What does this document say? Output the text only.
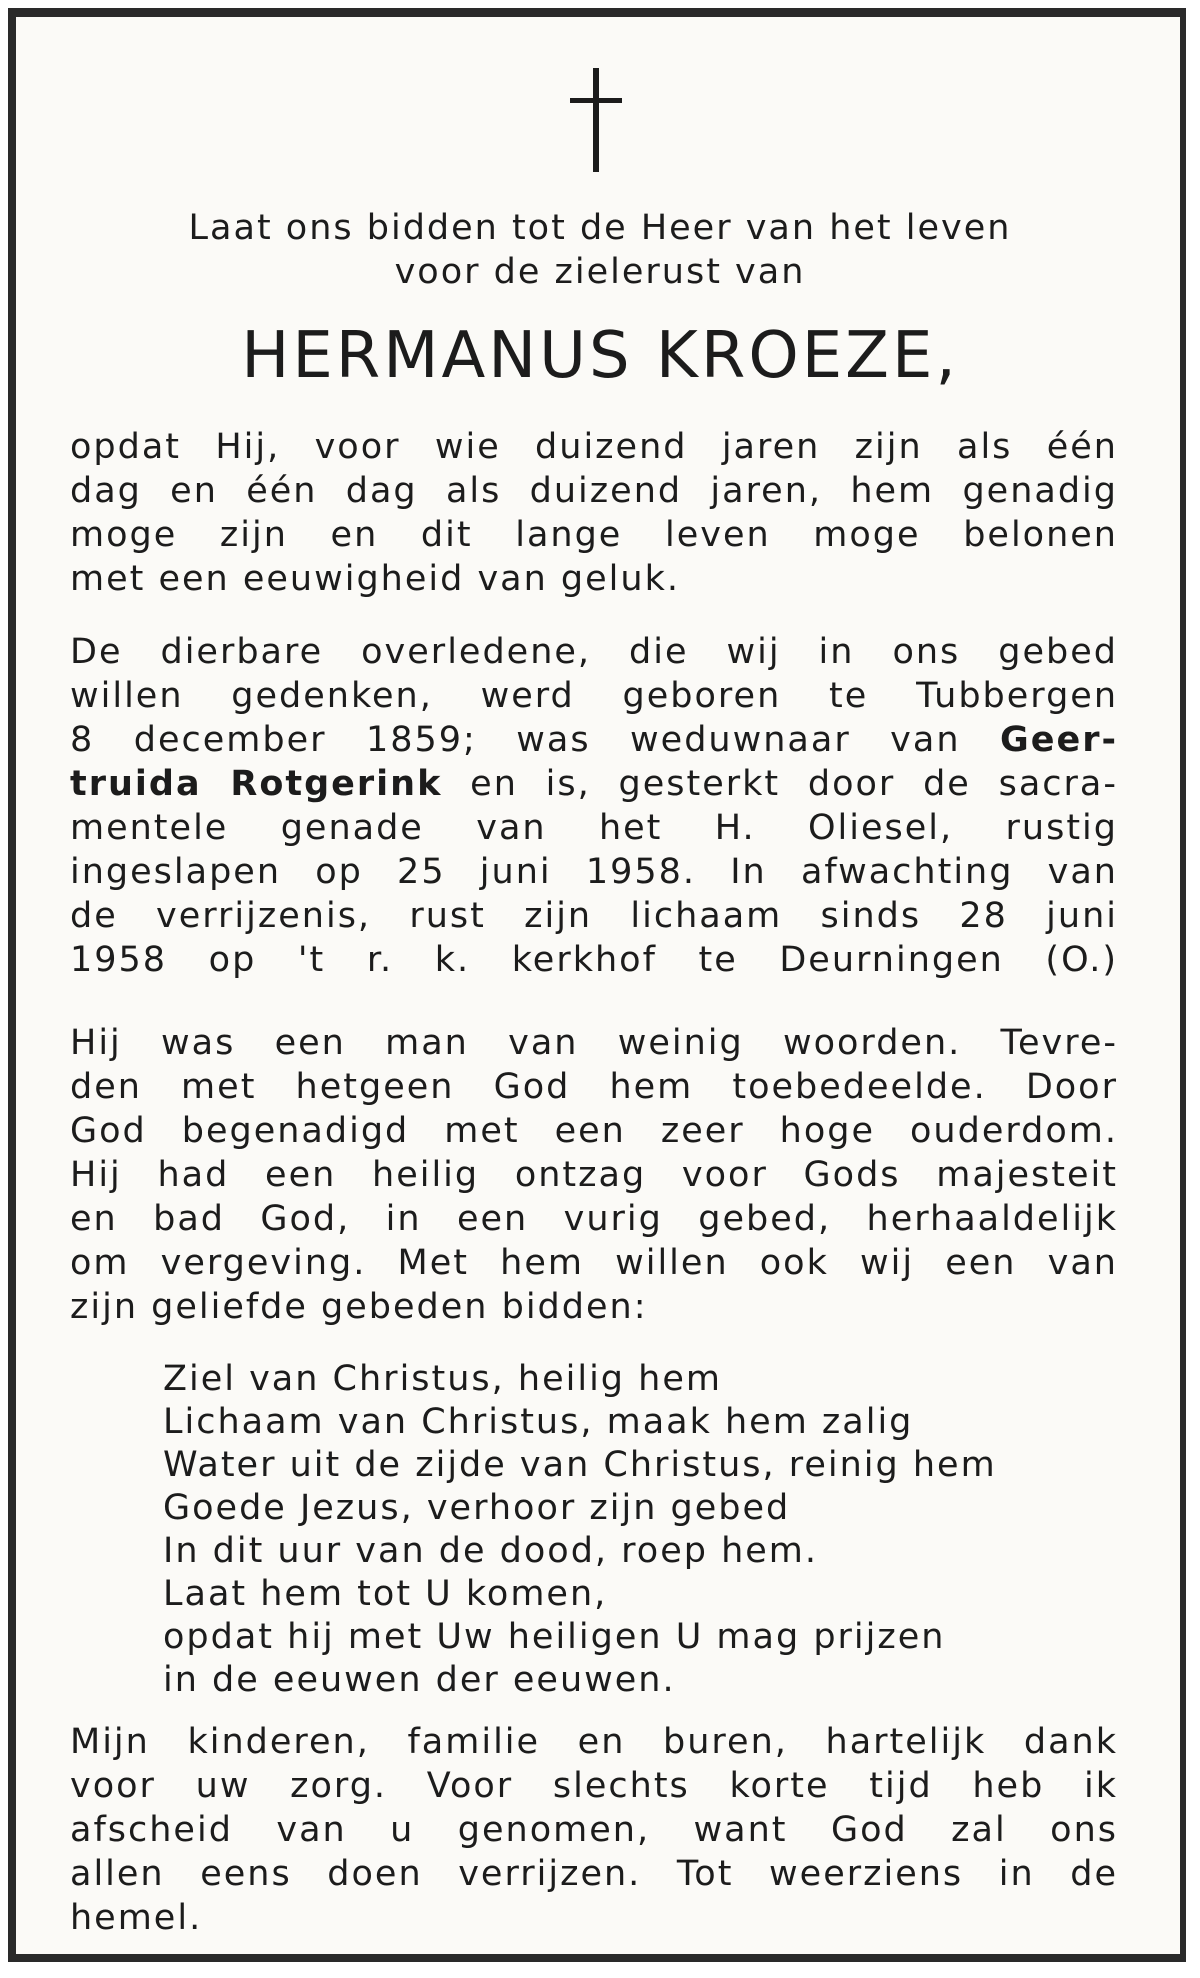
Laat ons bidden tot de Heer van het leven

voor de zielerust van

HERMANUS KROEZE,

opdat Hij, voor wie duizend jaren zijn als één

dag en één dag als duizend jaren, hem genadig

moge zijn en dit lange leven moge belonen

met een eeuwigheid van geluk.

De dierbare overledene, die wij in ons gebed

willen gedenken, werd geboren te Tubbergen

8 december 1859; was weduwnaar van Geer-

truida Rotgerink en is, gesterkt door de sacra-

mentele genade van het H. Oliesel, rustig

ingeslapen op 25 juni 1958. In afwachting van

de verrijzenis, rust zijn lichaam sinds 28 juni

1958 op 't r. k. kerkhof te Deurningen (O.)

Hij was een man van weinig woorden. Tevre-

den met hetgeen God hem toebedeelde. Door

God begenadigd met een zeer hoge ouderdom.

Hij had een heilig ontzag voor Gods majesteit

en bad God, in een vurig gebed, herhaaldelijk

om vergeving. Met hem willen ook wij een van

zijn geliefde gebeden bidden:

Ziel van Christus, heilig hem

Lichaam van Christus, maak hem zalig

Water uit de zijde van Christus, reinig hem

Goede Jezus, verhoor zijn gebed

In dit uur van de dood, roep hem.

Laat hem tot U komen,

opdat hij met Uw heiligen U mag prijzen

in de eeuwen der eeuwen.

Mijn kinderen, familie en buren, hartelijk dank

voor uw zorg. Voor slechts korte tijd heb ik

afscheid van u genomen, want God zal ons

allen eens doen verrijzen. Tot weerziens in de

hemel.
